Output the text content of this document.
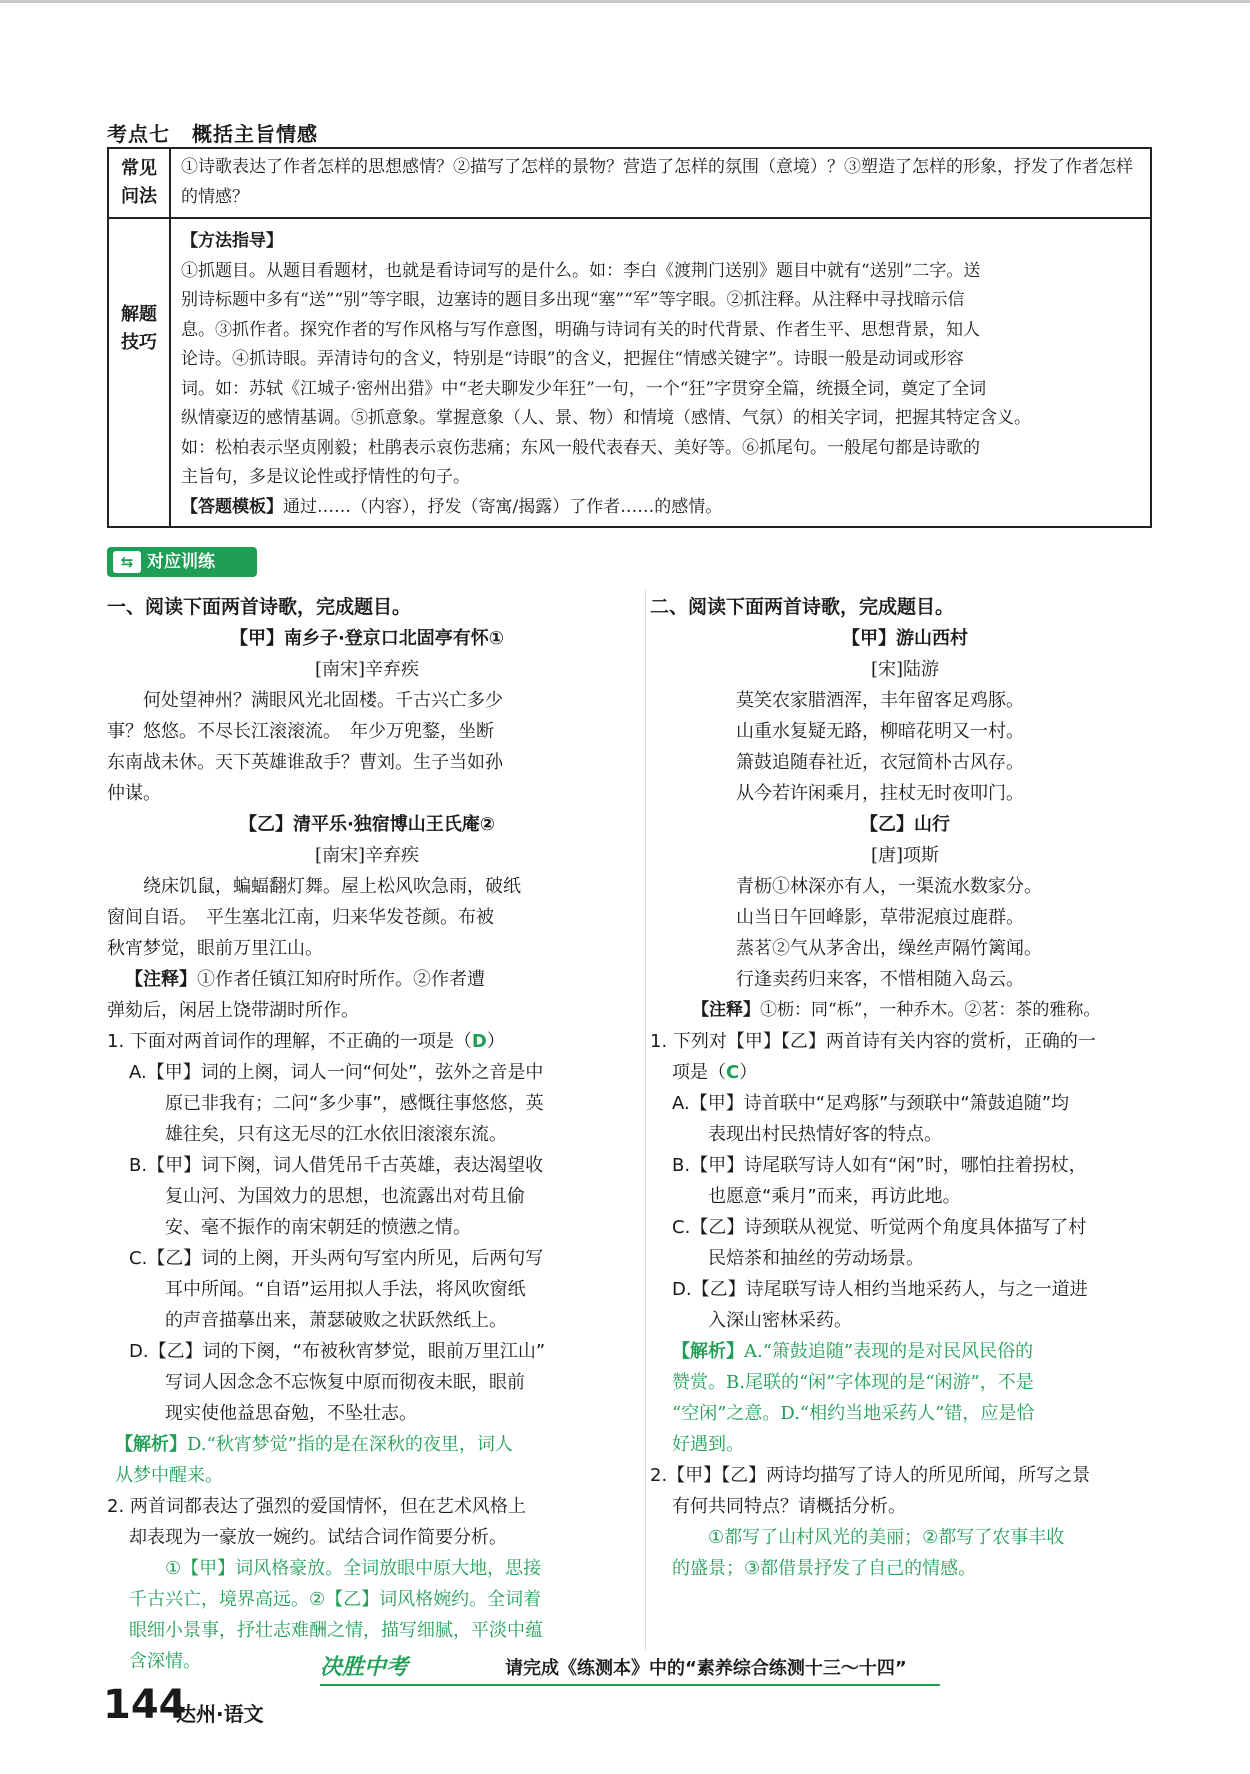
考点七 概括主旨情感
常见问法
①诗歌表达了作者怎样的思想感情？②描写了怎样的景物？营造了怎样的氛围（意境）？③塑造了怎样的形象，抒发了作者怎样的情感？
解题技巧

【方法指导】

①抓题目。从题目看题材，也就是看诗词写的是什么。如：李白《渡荆门送别》题目中就有“送别”二字。送

别诗标题中多有“送”“别”等字眼，边塞诗的题目多出现“塞”“军”等字眼。②抓注释。从注释中寻找暗示信

息。③抓作者。探究作者的写作风格与写作意图，明确与诗词有关的时代背景、作者生平、思想背景，知人

论诗。④抓诗眼。弄清诗句的含义，特别是“诗眼”的含义，把握住“情感关键字”。诗眼一般是动词或形容

词。如：苏轼《江城子·密州出猎》中“老夫聊发少年狂”一句，一个“狂”字贯穿全篇，统摄全词，奠定了全词

纵情豪迈的感情基调。⑤抓意象。掌握意象（人、景、物）和情境（感情、气氛）的相关字词，把握其特定含义。

如：松柏表示坚贞刚毅；杜鹃表示哀伤悲痛；东风一般代表春天、美好等。⑥抓尾句。一般尾句都是诗歌的

主旨句，多是议论性或抒情性的句子。

【答题模板】通过……（内容），抒发（寄寓/揭露）了作者……的感情。

⇆ 对应训练

一、阅读下面两首诗歌，完成题目。

【甲】南乡子·登京口北固亭有怀①

[南宋]辛弃疾

何处望神州？满眼风光北固楼。千古兴亡多少

事？悠悠。不尽长江滚滚流。　年少万兜鍪，坐断

东南战未休。天下英雄谁敌手？曹刘。生子当如孙

仲谋。

【乙】清平乐·独宿博山王氏庵②

[南宋]辛弃疾

绕床饥鼠，蝙蝠翻灯舞。屋上松风吹急雨，破纸

窗间自语。　平生塞北江南，归来华发苍颜。布被

秋宵梦觉，眼前万里江山。

【注释】①作者任镇江知府时所作。②作者遭

弹劾后，闲居上饶带湖时所作。

1. 下面对两首词作的理解，不正确的一项是（D）

A.【甲】词的上阕，词人一问“何处”，弦外之音是中

原已非我有；二问“多少事”，感慨往事悠悠，英

雄往矣，只有这无尽的江水依旧滚滚东流。

B.【甲】词下阕，词人借凭吊千古英雄，表达渴望收

复山河、为国效力的思想，也流露出对苟且偷

安、毫不振作的南宋朝廷的愤懑之情。

C.【乙】词的上阕，开头两句写室内所见，后两句写

耳中所闻。“自语”运用拟人手法，将风吹窗纸

的声音描摹出来，萧瑟破败之状跃然纸上。

D.【乙】词的下阕，“布被秋宵梦觉，眼前万里江山”

写词人因念念不忘恢复中原而彻夜未眠，眼前

现实使他益思奋勉，不坠壮志。

【解析】D.“秋宵梦觉”指的是在深秋的夜里，词人

从梦中醒来。

2. 两首词都表达了强烈的爱国情怀，但在艺术风格上

却表现为一豪放一婉约。试结合词作简要分析。

①【甲】词风格豪放。全词放眼中原大地，思接

千古兴亡，境界高远。②【乙】词风格婉约。全词着

眼细小景事，抒壮志难酬之情，描写细腻，平淡中蕴

含深情。

二、阅读下面两首诗歌，完成题目。

【甲】游山西村

[宋]陆游

莫笑农家腊酒浑，丰年留客足鸡豚。

山重水复疑无路，柳暗花明又一村。

箫鼓追随春社近，衣冠简朴古风存。

从今若许闲乘月，拄杖无时夜叩门。

【乙】山行

[唐]项斯

青枥①林深亦有人，一渠流水数家分。

山当日午回峰影，草带泥痕过鹿群。

蒸茗②气从茅舍出，缲丝声隔竹篱闻。

行逢卖药归来客，不惜相随入岛云。

【注释】①枥：同“栎”，一种乔木。②茗：茶的雅称。

1. 下列对【甲】【乙】两首诗有关内容的赏析，正确的一

项是（C）

A.【甲】诗首联中“足鸡豚”与颈联中“箫鼓追随”均

表现出村民热情好客的特点。

B.【甲】诗尾联写诗人如有“闲”时，哪怕拄着拐杖，

也愿意“乘月”而来，再访此地。

C.【乙】诗颈联从视觉、听觉两个角度具体描写了村

民焙茶和抽丝的劳动场景。

D.【乙】诗尾联写诗人相约当地采药人，与之一道进

入深山密林采药。

【解析】A.“箫鼓追随”表现的是对民风民俗的

赞赏。B.尾联的“闲”字体现的是“闲游”，不是

“空闲”之意。D.“相约当地采药人”错，应是恰

好遇到。

2.【甲】【乙】两诗均描写了诗人的所见所闻，所写之景

有何共同特点？请概括分析。

①都写了山村风光的美丽；②都写了农事丰收

的盛景；③都借景抒发了自己的情感。

决胜中考	请完成《练测本》中的“素养综合练测十三～十四”
144
达州·语文
